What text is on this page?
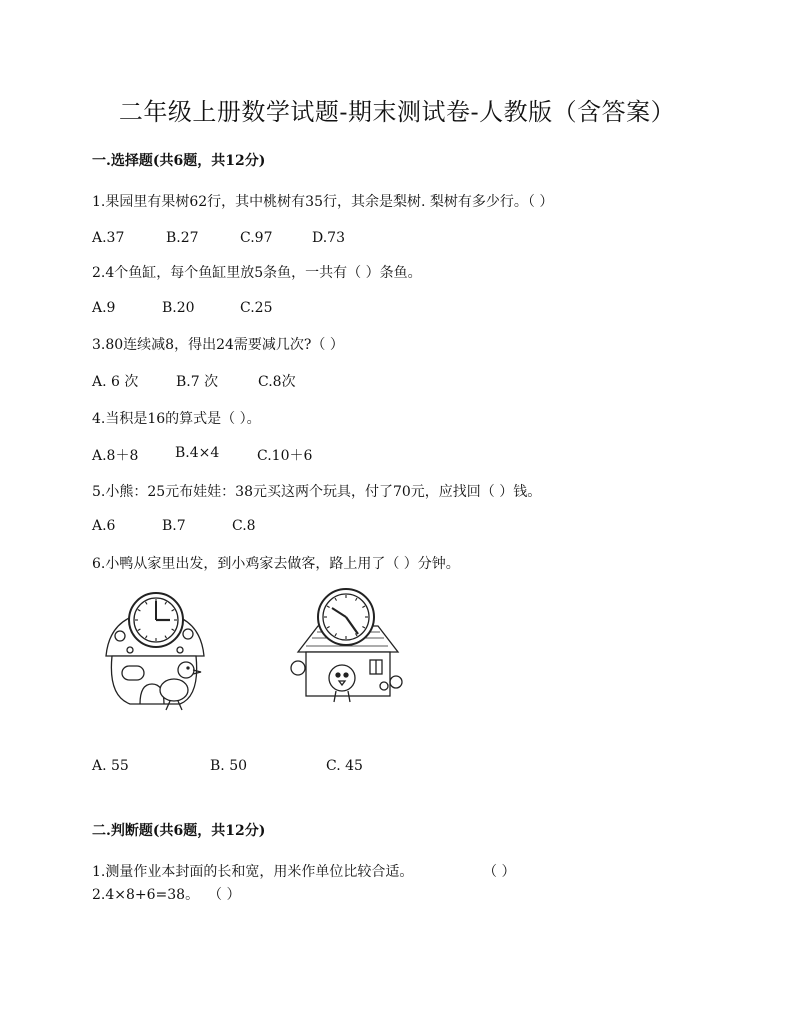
二年级上册数学试题-期末测试卷-人教版（含答案）
一.选择题(共6题，共12分)
1.果园里有果树62行，其中桃树有35行，其余是梨树. 梨树有多少行。（ ）
A.37	B.27	C.97	D.73
2.4个鱼缸，每个鱼缸里放5条鱼，一共有（ ）条鱼。
A.9	B.20	C.25
3.80连续减8，得出24需要减几次?（ ）
A. 6 次	B.7 次	C.8次
4.当积是16的算式是（ ）。
A.8＋8	B.4×4	C.10＋6
5.小熊：25元布娃娃：38元买这两个玩具，付了70元，应找回（ ）钱。
A.6	B.7	C.8
6.小鸭从家里出发，到小鸡家去做客，路上用了（ ）分钟。
A. 55	B. 50	C. 45
二.判断题(共6题，共12分)
1.测量作业本封面的长和宽，用米作单位比较合适。	（ ）
2.4×8+6=38。 （ ）
